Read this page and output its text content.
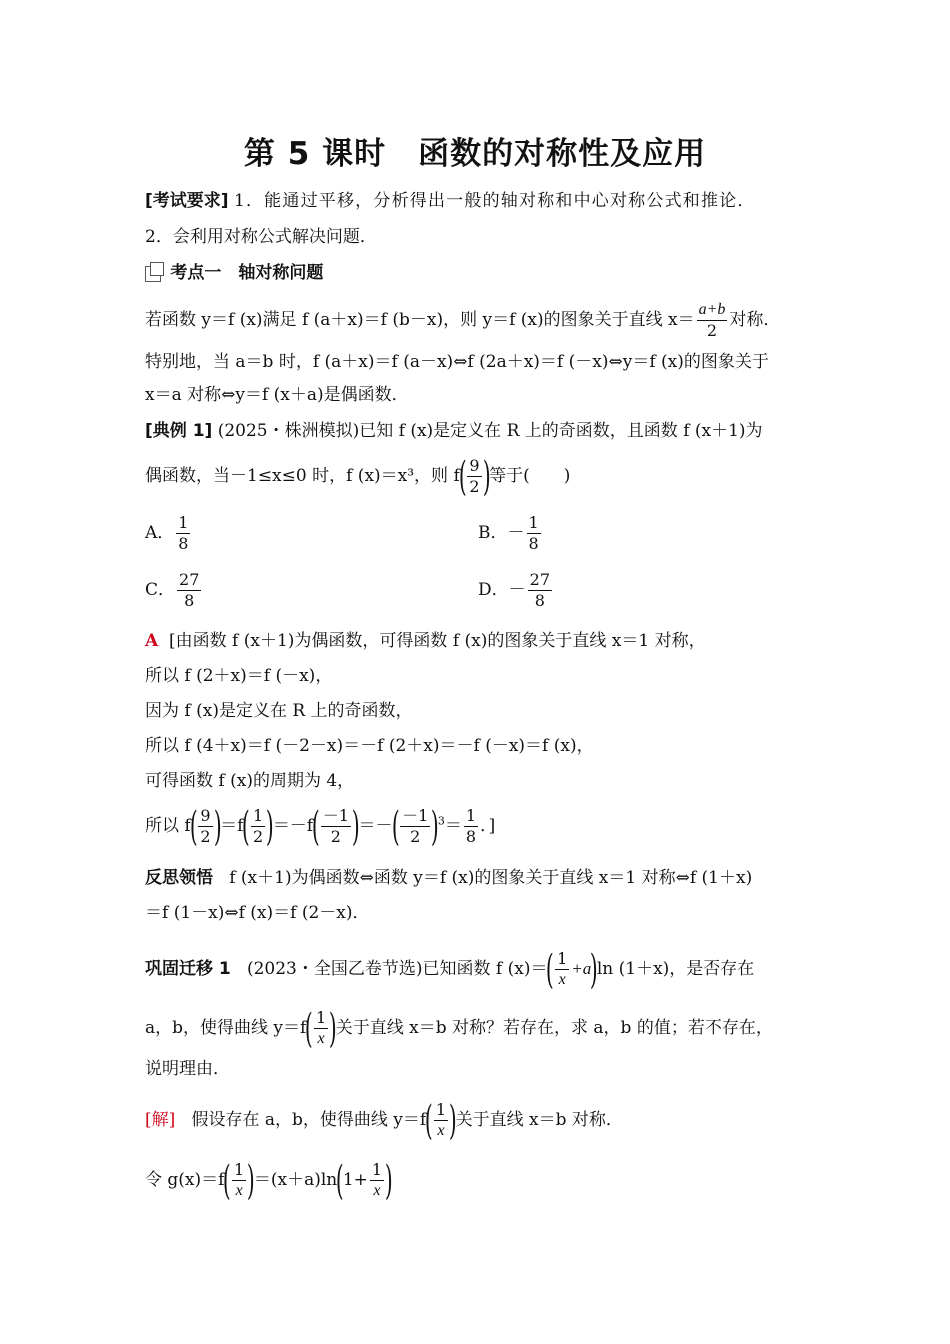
第 5 课时　函数的对称性及应用
[考试要求] 1．能通过平移，分析得出一般的轴对称和中心对称公式和推论．
2．会利用对称公式解决问题．
考点一　轴对称问题
若函数 y＝f (x)满足 f (a＋x)＝f (b－x)，则 y＝f (x)的图象关于直线 $x= \frac{a+b}{2}$ 对称．
特别地，当 a＝b 时，f (a＋x)＝f (a－x)⇔f (2a＋x)＝f (－x)⇔y＝f (x)的图象关于
x＝a 对称⇔y＝f (x＋a)是偶函数．
[典例 1] (2025・株洲模拟)已知 f (x)是定义在 R 上的奇函数，且函数 f (x＋1)为
偶函数，当－1≤x≤0 时，f (x)＝x³，则 $f( \frac{9}{2}$ )等于(　　)
A． $\frac{1}{8}$	B．－ $\frac{1}{8}$
C． $\frac{27}{8}$	D．－ $\frac{27}{8}$
A [由函数 f (x＋1)为偶函数，可得函数 f (x)的图象关于直线 x＝1 对称，
所以 f (2＋x)＝f (－x)，
因为 f (x)是定义在 R 上的奇函数，
所以 f (4＋x)＝f (－2－x)＝－f (2＋x)＝－f (－x)＝f (x)，
可得函数 f (x)的周期为 4，
所以 $f( \frac{9}{2} )=f( \frac{1}{2} )=-f( \frac{-1}{2}$ )＝－( $\frac{-1}{2} )^3= \frac{1}{8}$ ．]
反思领悟 f (x＋1)为偶函数⇔函数 y＝f (x)的图象关于直线 x＝1 对称⇔f (1＋x)
＝f (1－x)⇔f (x)＝f (2－x)．
巩固迁移 1 (2023・全国乙卷节选)已知函数 f $(x)=( \frac{1}{x} +a)\ln$ (1＋x)，是否存在
a，b，使得曲线 $y=f( \frac{1}{x}$ )关于直线 x＝b 对称？若存在，求 a，b 的值；若不存在，
说明理由．
[解] 假设存在 a，b，使得曲线 $y=f( \frac{1}{x}$ )关于直线 x＝b 对称．
令 $g(x)=f( \frac{1}{x} )=(x+a)\ln(1+ \frac{1}{x}$ )
